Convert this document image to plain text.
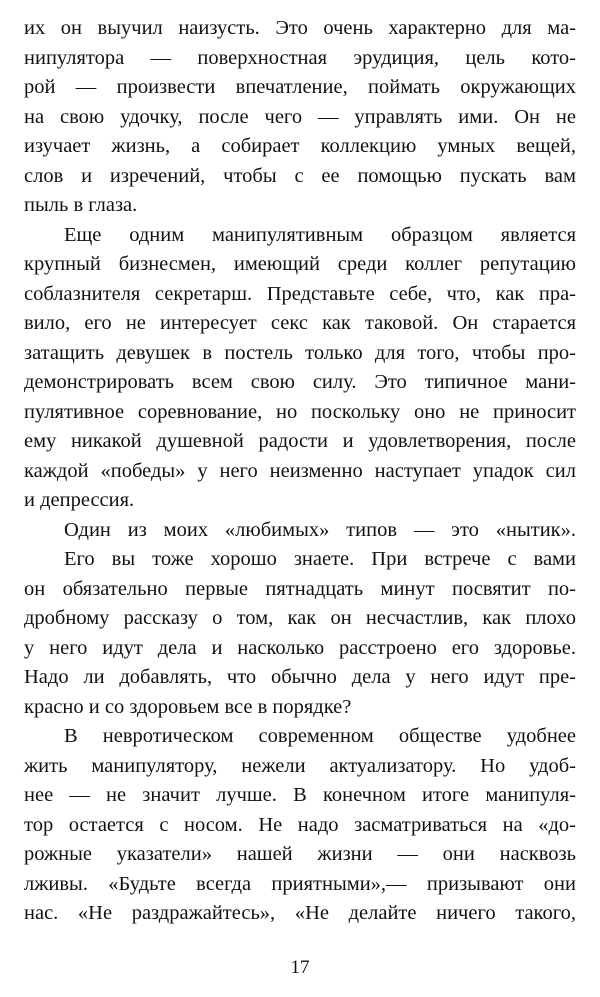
их он выучил наизусть. Это очень характерно для ма-
нипулятора — поверхностная эрудиция, цель кото-
рой — произвести впечатление, поймать окружающих
на свою удочку, после чего — управлять ими. Он не
изучает жизнь, а собирает коллекцию умных вещей,
слов и изречений, чтобы с ее помощью пускать вам
пыль в глаза.
Еще одним манипулятивным образцом является
крупный бизнесмен, имеющий среди коллег репутацию
соблазнителя секретарш. Представьте себе, что, как пра-
вило, его не интересует секс как таковой. Он старается
затащить девушек в постель только для того, чтобы про-
демонстрировать всем свою силу. Это типичное мани-
пулятивное соревнование, но поскольку оно не приносит
ему никакой душевной радости и удовлетворения, после
каждой «победы» у него неизменно наступает упадок сил
и депрессия.
Один из моих «любимых» типов — это «нытик».
Его вы тоже хорошо знаете. При встрече с вами
он обязательно первые пятнадцать минут посвятит по-
дробному рассказу о том, как он несчастлив, как плохо
у него идут дела и насколько расстроено его здоровье.
Надо ли добавлять, что обычно дела у него идут пре-
красно и со здоровьем все в порядке?
В невротическом современном обществе удобнее
жить манипулятору, нежели актуализатору. Но удоб-
нее — не значит лучше. В конечном итоге манипуля-
тор остается с носом. Не надо засматриваться на «до-
рожные указатели» нашей жизни — они насквозь
лживы. «Будьте всегда приятными»,— призывают они
нас. «Не раздражайтесь», «Не делайте ничего такого,
17
